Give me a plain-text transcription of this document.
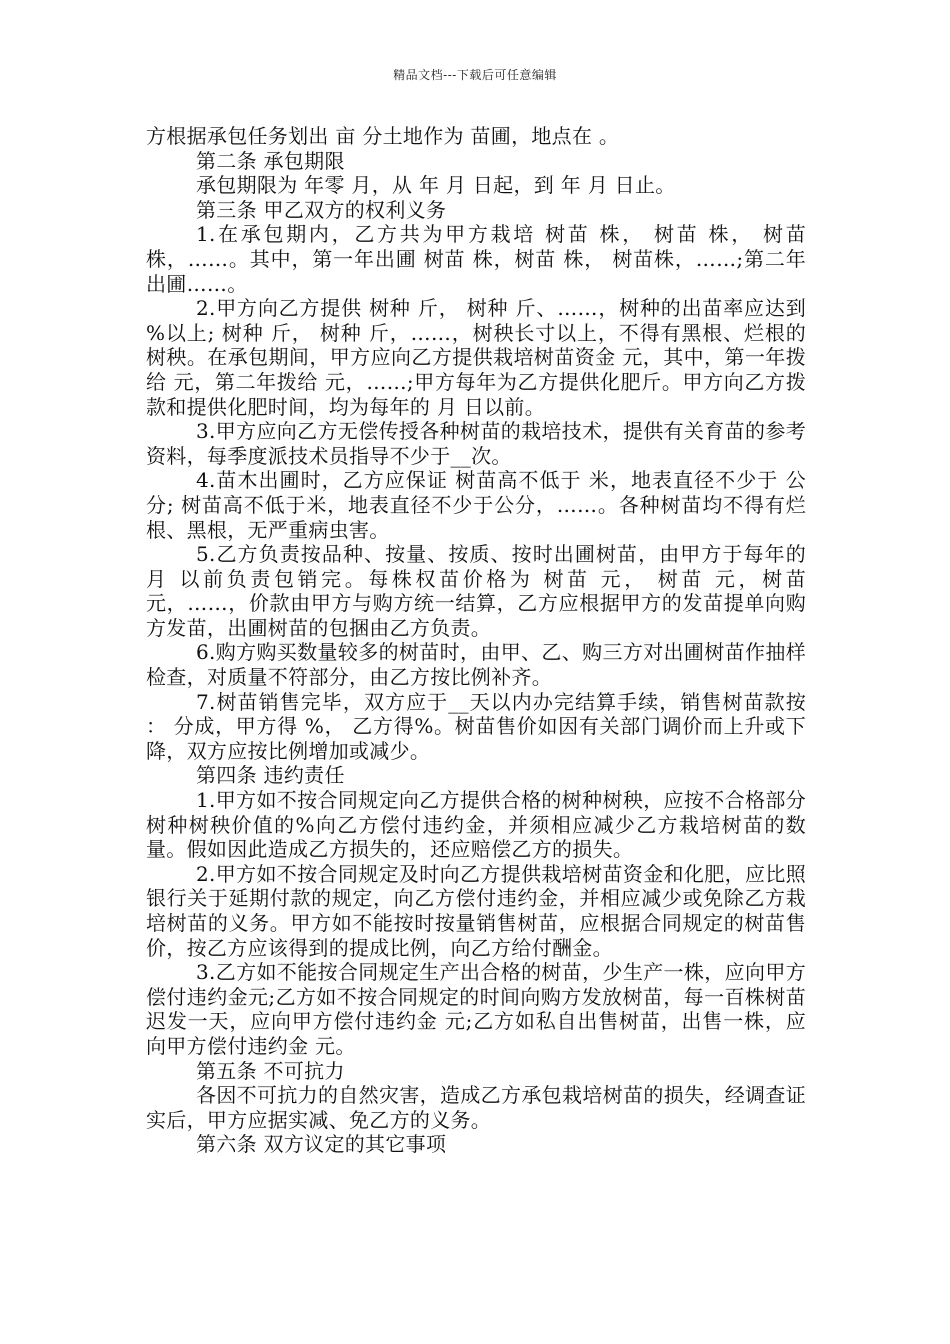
精品文档---下载后可任意编辑

方根据承包任务划出 亩 分土地作为 苗圃，地点在 。

第二条 承包期限

承包期限为 年零 月，从 年 月 日起，到 年 月 日止。

第三条 甲乙双方的权利义务

1.在承包期内，乙方共为甲方栽培 树苗 株， 树苗 株， 树苗 株，……。其中，第一年出圃 树苗 株，树苗 株， 树苗株，……;第二年出圃……。

2.甲方向乙方提供 树种 斤， 树种 斤、……，树种的出苗率应达到 %以上; 树种 斤， 树种 斤，……，树秧长寸以上，不得有黑根、烂根的树秧。在承包期间，甲方应向乙方提供栽培树苗资金 元，其中，第一年拨给 元，第二年拨给 元，……;甲方每年为乙方提供化肥斤。甲方向乙方拨款和提供化肥时间，均为每年的 月 日以前。

3.甲方应向乙方无偿传授各种树苗的栽培技术，提供有关育苗的参考资料，每季度派技术员指导不少于__次。

4.苗木出圃时，乙方应保证 树苗高不低于 米，地表直径不少于 公分; 树苗高不低于米，地表直径不少于公分，……。各种树苗均不得有烂根、黑根，无严重病虫害。

5.乙方负责按品种、按量、按质、按时出圃树苗，由甲方于每年的 月 以前负责包销完。每株权苗价格为 树苗 元， 树苗 元，树苗元，……，价款由甲方与购方统一结算，乙方应根据甲方的发苗提单向购方发苗，出圃树苗的包捆由乙方负责。

6.购方购买数量较多的树苗时，由甲、乙、购三方对出圃树苗作抽样检查，对质量不符部分，由乙方按比例补齐。

7.树苗销售完毕，双方应于__天以内办完结算手续，销售树苗款按 ： 分成，甲方得 %， 乙方得%。树苗售价如因有关部门调价而上升或下降，双方应按比例增加或减少。

第四条 违约责任

1.甲方如不按合同规定向乙方提供合格的树种树秧，应按不合格部分树种树秧价值的%向乙方偿付违约金，并须相应减少乙方栽培树苗的数量。假如因此造成乙方损失的，还应赔偿乙方的损失。

2.甲方如不按合同规定及时向乙方提供栽培树苗资金和化肥，应比照银行关于延期付款的规定，向乙方偿付违约金，并相应减少或免除乙方栽培树苗的义务。甲方如不能按时按量销售树苗，应根据合同规定的树苗售价，按乙方应该得到的提成比例，向乙方给付酬金。

3.乙方如不能按合同规定生产出合格的树苗，少生产一株，应向甲方偿付违约金元;乙方如不按合同规定的时间向购方发放树苗，每一百株树苗迟发一天，应向甲方偿付违约金 元;乙方如私自出售树苗，出售一株，应向甲方偿付违约金 元。

第五条 不可抗力

各因不可抗力的自然灾害，造成乙方承包栽培树苗的损失，经调查证实后，甲方应据实减、免乙方的义务。

第六条 双方议定的其它事项
